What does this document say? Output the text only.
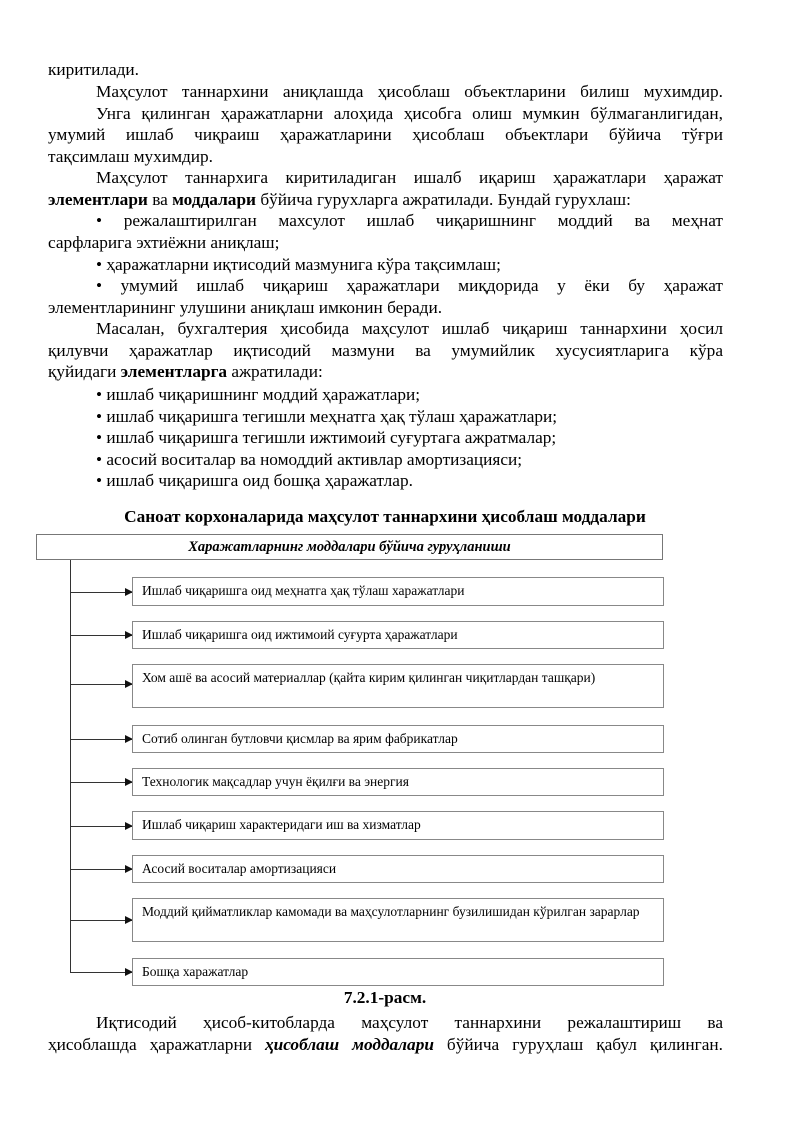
киритилади.

Маҳсулот таннархини аниқлашда ҳисоблаш объектларини билиш мухимдир.

Унга қилинган ҳаражатларни алоҳида ҳисобга олиш мумкин бўлмаганлигидан,

умумий ишлаб чиқраиш ҳаражатларини ҳисоблаш объектлари бўйича тўғри

тақсимлаш мухимдир.

Маҳсулот таннархига киритиладиган ишалб иқариш ҳаражатлари ҳаражат

элементлари ва моддалари бўйича гурухларга ажратилади. Бундай гурухлаш:

• режалаштирилган махсулот ишлаб чиқаришнинг моддий ва меҳнат

сарфларига эхтиёжни аниқлаш;

• ҳаражатларни иқтисодий мазмунига кўра тақсимлаш;

• умумий ишлаб чиқариш ҳаражатлари миқдорида у ёки бу ҳаражат

элементларининг улушини аниқлаш имконин беради.

Масалан, бухгалтерия ҳисобида маҳсулот ишлаб чиқариш таннархини ҳосил

қилувчи ҳаражатлар иқтисодий мазмуни ва умумийлик хусусиятларига кўра

қуйидаги элементларга ажратилади:

• ишлаб чиқаришнинг моддий ҳаражатлари;
• ишлаб чиқаришга тегишли меҳнатга ҳақ тўлаш ҳаражатлари;
• ишлаб чиқаришга тегишли ижтимоий суғуртага ажратмалар;
• асосий воситалар ва номоддий активлар амортизацияси;
• ишлаб чиқаришга оид бошқа ҳаражатлар.
Саноат корхоналарида маҳсулот таннархини ҳисоблаш моддалари
Харажатларнинг моддалари бўйича гуруҳланиши
Ишлаб чиқаришга оид меҳнатга ҳақ тўлаш харажатлари
Ишлаб чиқаришга оид ижтимоий суғурта ҳаражатлари
Хом ашё ва асосий материаллар (қайта кирим қилинган чиқитлардан ташқари)
Сотиб олинган бутловчи қисмлар ва ярим фабрикатлар
Технологик мақсадлар учун ёқилғи ва энергия
Ишлаб чиқариш характеридаги иш ва хизматлар
Асосий воситалар амортизацияси
Моддий қийматликлар камомади ва маҳсулотларнинг бузилишидан кўрилган зарарлар
Бошқа харажатлар
7.2.1-расм.

Иқтисодий ҳисоб-китобларда маҳсулот таннархини режалаштириш ва

ҳисоблашда ҳаражатларни ҳисоблаш моддалари бўйича гуруҳлаш қабул қилинган.
